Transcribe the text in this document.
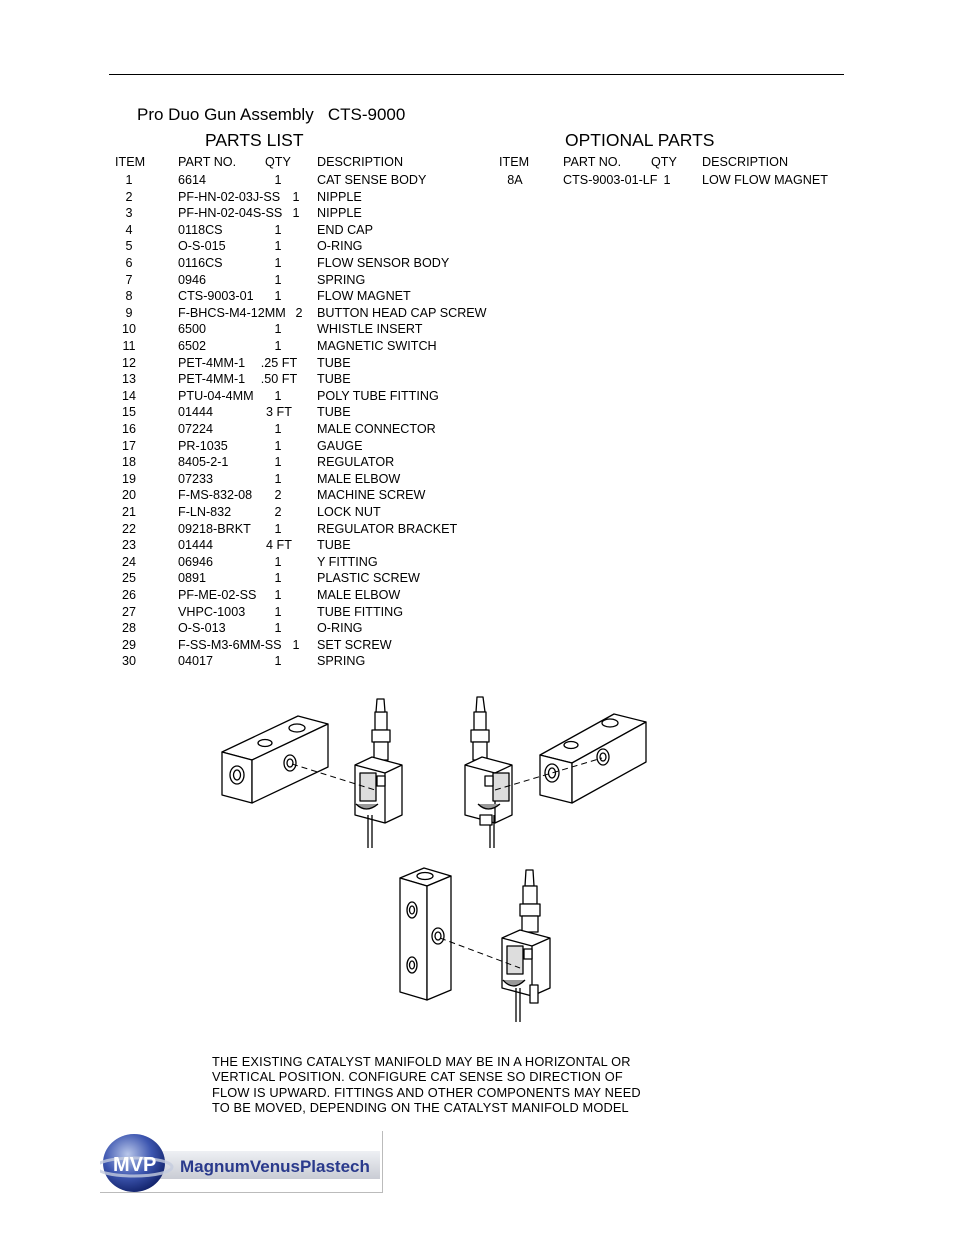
Pro Duo Gun Assembly   CTS-9000
PARTS LIST	OPTIONAL PARTS
ITEM	PART NO. QTY DESCRIPTION	ITEM	PART NO. QTY DESCRIPTION
1	6614	1	CAT SENSE BODY
2	PF-HN-02-03J-SS 1 NIPPLE
3	PF-HN-02-04S-SS 1 NIPPLE
4	0118CS	1	END CAP
5	O-S-015	1	O-RING
6	0116CS	1	FLOW SENSOR BODY
7	0946	1	SPRING
8	CTS-9003-01 1	FLOW MAGNET
9	F-BHCS-M4-12MM 2 BUTTON HEAD CAP SCREW
10	6500	1	WHISTLE INSERT
11	6502	1	MAGNETIC SWITCH
12	PET-4MM-1 .25 FT TUBE
13	PET-4MM-1 .50 FT TUBE
14	PTU-04-4MM 1	POLY TUBE FITTING
15	01444	3 FT TUBE
16	07224	1	MALE CONNECTOR
17	PR-1035	1	GAUGE
18	8405-2-1	1	REGULATOR
19	07233	1	MALE ELBOW
20	F-MS-832-08 2	MACHINE SCREW
21	F-LN-832	2	LOCK NUT
22	09218-BRKT 1	REGULATOR BRACKET
23	01444	4 FT TUBE
24	06946	1	Y FITTING
25	0891	1	PLASTIC SCREW
26	PF-ME-02-SS 1	MALE ELBOW
27	VHPC-1003 1	TUBE FITTING
28	O-S-013	1	O-RING
29	F-SS-M3-6MM-SS 1 SET SCREW
30	04017	1	SPRING
8A	CTS-9003-01-LF 1 LOW FLOW MAGNET
THE EXISTING CATALYST MANIFOLD MAY BE IN A HORIZONTAL OR
VERTICAL POSITION. CONFIGURE CAT SENSE SO DIRECTION OF
FLOW IS UPWARD. FITTINGS AND OTHER COMPONENTS MAY NEED
TO BE MOVED, DEPENDING ON THE CATALYST MANIFOLD MODEL
MVP MagnumVenusPlastech
